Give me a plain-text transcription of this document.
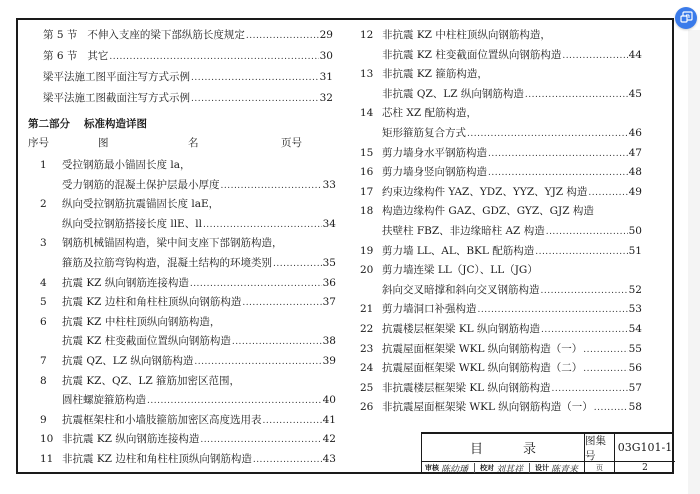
第 5 节 不伸入支座的梁下部纵筋长度规定 .....	29
第 6 节 其它 .....	30
梁平法施工图平面注写方式示例 .....	31
梁平法施工图截面注写方式示例 .....	32
第二部分 标准构造详图
序号	图	名	页号
1	受拉钢筋最小锚固长度 la，
受力钢筋的混凝土保护层最小厚度 .....	33
2	纵向受拉钢筋抗震锚固长度 laE，
纵向受拉钢筋搭接长度 llE、ll .....	34
3	钢筋机械锚固构造，梁中间支座下部钢筋构造，
箍筋及拉筋弯钩构造，混凝土结构的环境类别 .....	35
4	抗震 KZ 纵向钢筋连接构造 .....	36
5	抗震 KZ 边柱和角柱柱顶纵向钢筋构造 .....	37
6	抗震 KZ 中柱柱顶纵向钢筋构造，
抗震 KZ 柱变截面位置纵向钢筋构造 .....	38
7	抗震 QZ、LZ 纵向钢筋构造 .....	39
8	抗震 KZ、QZ、LZ 箍筋加密区范围，
圆柱螺旋箍筋构造 .....	40
9	抗震框架柱和小墙肢箍筋加密区高度选用表 .....	41
10 非抗震 KZ 纵向钢筋连接构造 .....	42
11 非抗震 KZ 边柱和角柱柱顶纵向钢筋构造 .....	43
12 非抗震 KZ 中柱柱顶纵向钢筋构造，
非抗震 KZ 柱变截面位置纵向钢筋构造 .....	44
13 非抗震 KZ 箍筋构造，
非抗震 QZ、LZ 纵向钢筋构造 .....	45
14 芯柱 XZ 配筋构造，
矩形箍筋复合方式 .....	46
15 剪力墙身水平钢筋构造 .....	47
16 剪力墙身竖向钢筋构造 .....	48
17 约束边缘构件 YAZ、YDZ、YYZ、YJZ 构造 .....	49
18 构造边缘构件 GAZ、GDZ、GYZ、GJZ 构造
扶壁柱 FBZ、非边缘暗柱 AZ 构造 .....	50
19 剪力墙 LL、AL、BKL 配筋构造 .....	51
20 剪力墙连梁 LL（JC）、LL（JG）
斜向交叉暗撑和斜向交叉钢筋构造 .....	52
21 剪力墙洞口补强构造 .....	53
22 抗震楼层框架梁 KL 纵向钢筋构造 .....	54
23 抗震屋面框架梁 WKL 纵向钢筋构造（一） .....	55
24 抗震屋面框架梁 WKL 纵向钢筋构造（二） .....	56
25 非抗震楼层框架梁 KL 纵向钢筋构造 .....	57
26 非抗震屋面框架梁 WKL 纵向钢筋构造（一） .....	58
目录
图集号
03G101-1
审核 陈幼璠 校对 刘其祥 设计 陈青来	页	2
